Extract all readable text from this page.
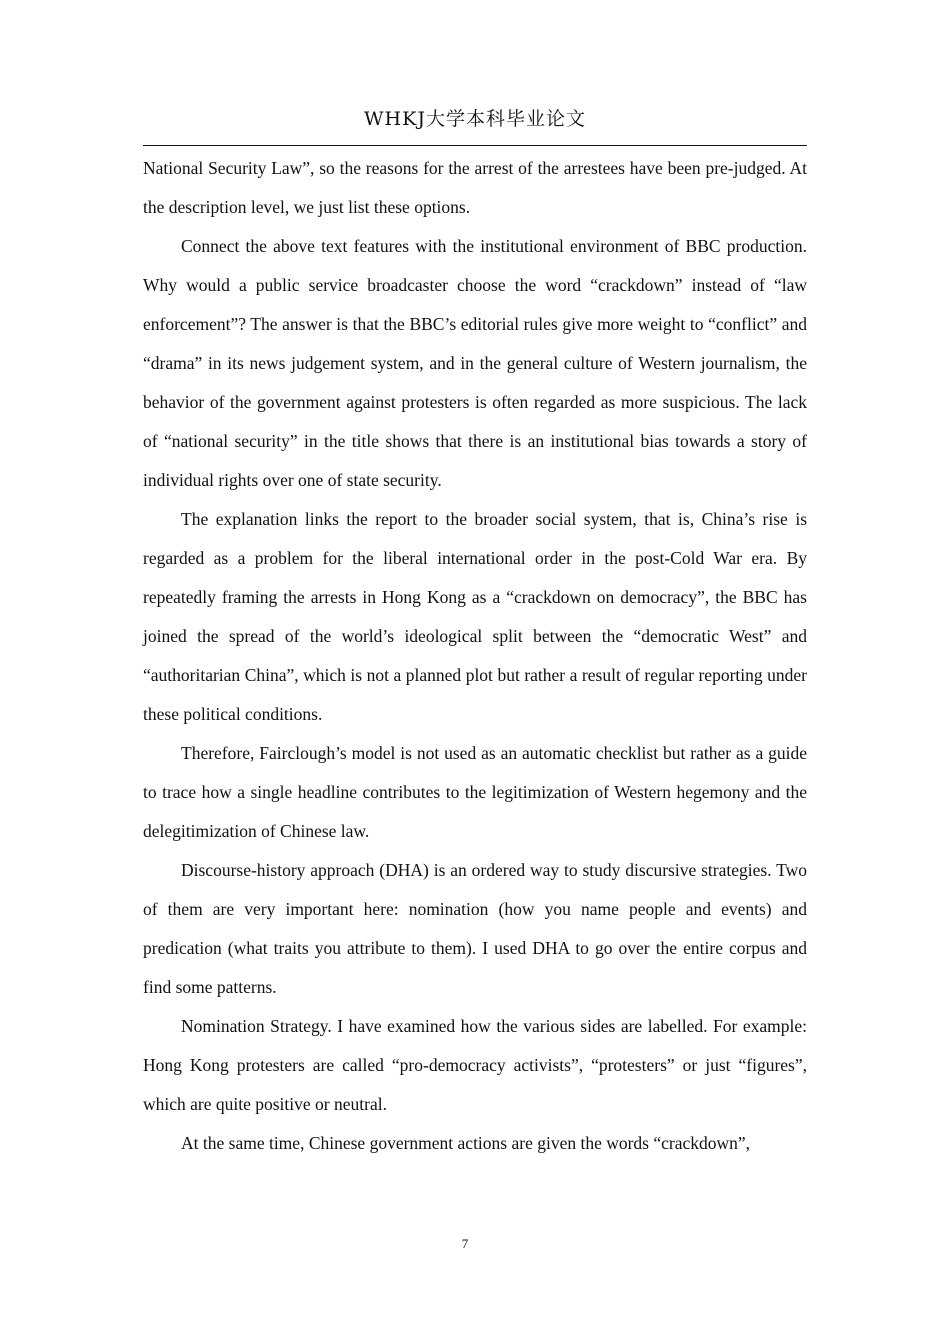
WHKJ大学本科毕业论文

National Security Law”, so the reasons for the arrest of the arrestees have been pre-judged. At the description level, we just list these options.

Connect the above text features with the institutional environment of BBC production. Why would a public service broadcaster choose the word “crackdown” instead of “law enforcement”? The answer is that the BBC’s editorial rules give more weight to “conflict” and “drama” in its news judgement system, and in the general culture of Western journalism, the behavior of the government against protesters is often regarded as more suspicious. The lack of “national security” in the title shows that there is an institutional bias towards a story of individual rights over one of state security.

The explanation links the report to the broader social system, that is, China’s rise is regarded as a problem for the liberal international order in the post-Cold War era. By repeatedly framing the arrests in Hong Kong as a “crackdown on democracy”, the BBC has joined the spread of the world’s ideological split between the “democratic West” and “authoritarian China”, which is not a planned plot but rather a result of regular reporting under these political conditions.

Therefore, Fairclough’s model is not used as an automatic checklist but rather as a guide to trace how a single headline contributes to the legitimization of Western hegemony and the delegitimization of Chinese law.

Discourse-history approach (DHA) is an ordered way to study discursive strategies. Two of them are very important here: nomination (how you name people and events) and predication (what traits you attribute to them). I used DHA to go over the entire corpus and find some patterns.

Nomination Strategy. I have examined how the various sides are labelled. For example: Hong Kong protesters are called “pro-democracy activists”, “protesters” or just “figures”, which are quite positive or neutral.

At the same time, Chinese government actions are given the words “crackdown”,

7
